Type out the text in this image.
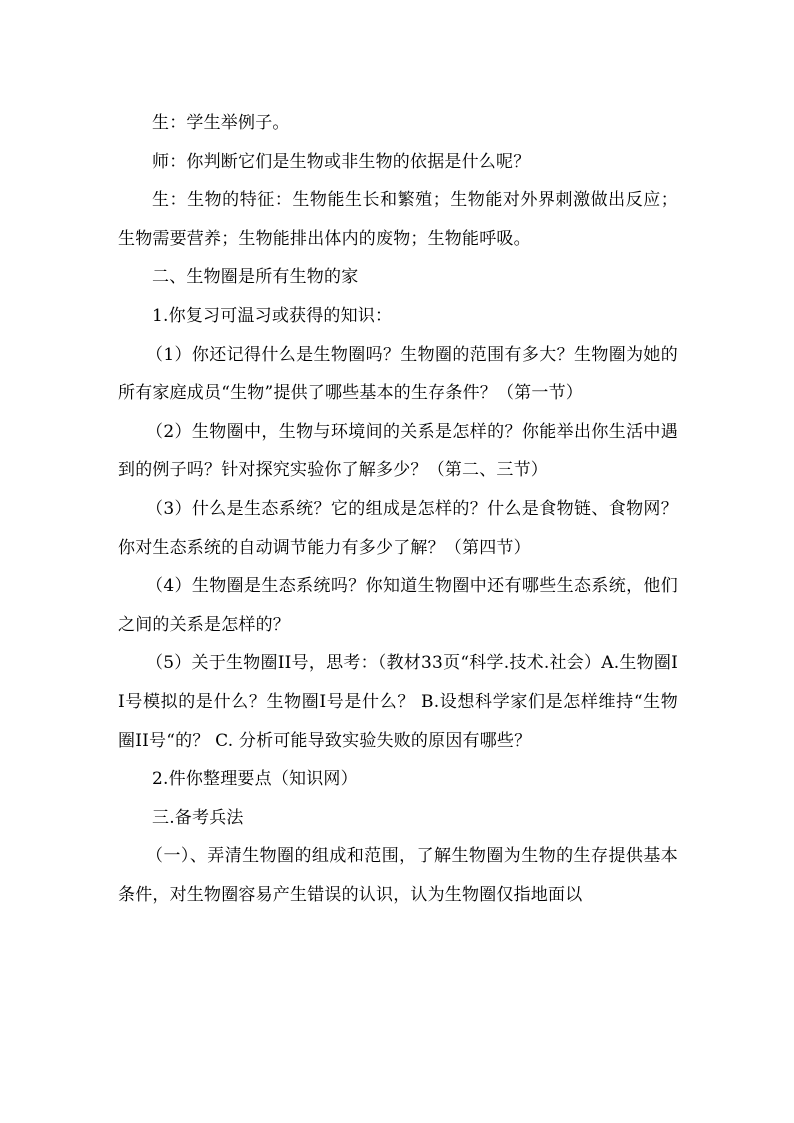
生：学生举例子。

师：你判断它们是生物或非生物的依据是什么呢？

生：生物的特征：生物能生长和繁殖；生物能对外界刺激做出反应；生物需要营养；生物能排出体内的废物；生物能呼吸。

二、生物圈是所有生物的家

1.你复习可温习或获得的知识：

（1）你还记得什么是生物圈吗？生物圈的范围有多大？生物圈为她的所有家庭成员“生物”提供了哪些基本的生存条件？（第一节）

（2）生物圈中，生物与环境间的关系是怎样的？你能举出你生活中遇到的例子吗？针对探究实验你了解多少？（第二、三节）

（3）什么是生态系统？它的组成是怎样的？什么是食物链、食物网？你对生态系统的自动调节能力有多少了解？（第四节）

（4）生物圈是生态系统吗？你知道生物圈中还有哪些生态系统，他们之间的关系是怎样的？

（5）关于生物圈II号，思考：（教材33页“科学.技术.社会）A.生物圈II号模拟的是什么？生物圈I号是什么？ B.设想科学家们是怎样维持“生物圈II号“的？ C. 分析可能导致实验失败的原因有哪些？

2.件你整理要点（知识网）

三.备考兵法

（一）、弄清生物圈的组成和范围，了解生物圈为生物的生存提供基本条件，对生物圈容易产生错误的认识，认为生物圈仅指地面以
